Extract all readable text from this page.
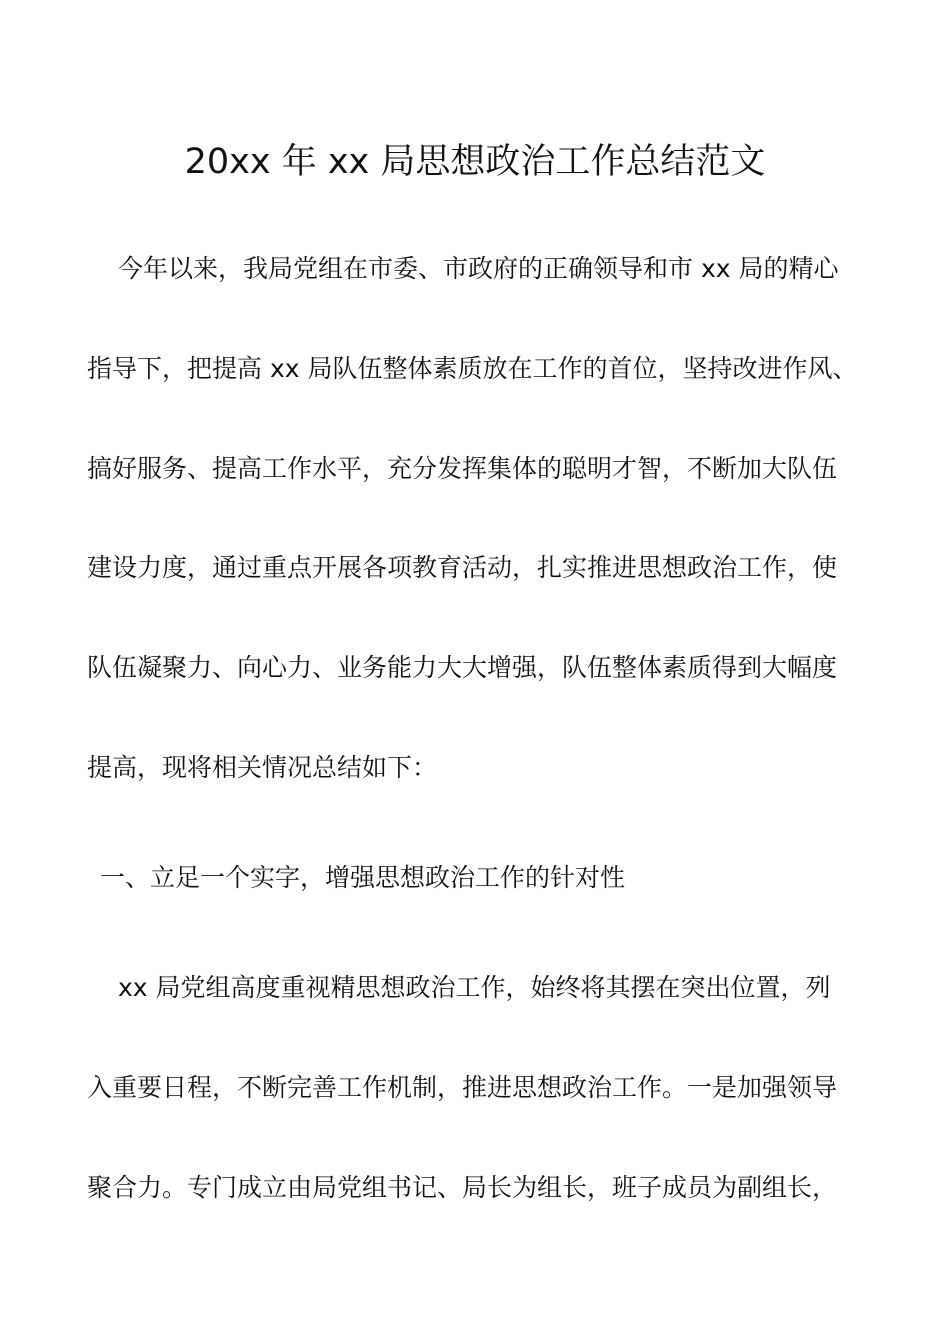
20xx 年 xx 局思想政治工作总结范文
今年以来，我局党组在市委、市政府的正确领导和市 xx 局的精心
指导下，把提高 xx 局队伍整体素质放在工作的首位，坚持改进作风、
搞好服务、提高工作水平，充分发挥集体的聪明才智，不断加大队伍
建设力度，通过重点开展各项教育活动，扎实推进思想政治工作，使
队伍凝聚力、向心力、业务能力大大增强，队伍整体素质得到大幅度
提高，现将相关情况总结如下：
一、立足一个实字，增强思想政治工作的针对性
xx 局党组高度重视精思想政治工作，始终将其摆在突出位置，列
入重要日程，不断完善工作机制，推进思想政治工作。一是加强领导
聚合力。专门成立由局党组书记、局长为组长，班子成员为副组长，
